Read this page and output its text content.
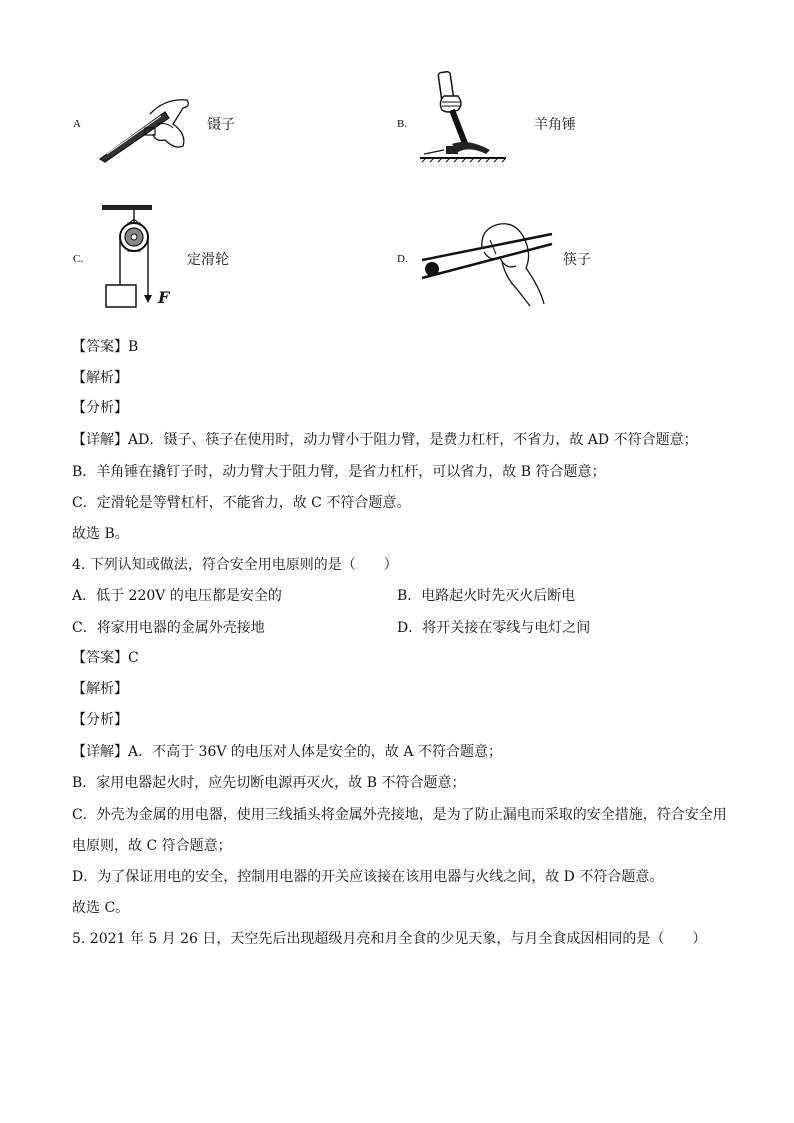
A	镊子	B.	羊角锤
C.
F
定滑轮	D.	筷子
【答案】B
【解析】
【分析】
【详解】AD．镊子、筷子在使用时，动力臂小于阻力臂，是费力杠杆，不省力，故 AD 不符合题意；
B．羊角锤在撬钉子时，动力臂大于阻力臂，是省力杠杆，可以省力，故 B 符合题意；
C．定滑轮是等臂杠杆，不能省力，故 C 不符合题意。
故选 B。
4. 下列认知或做法，符合安全用电原则的是（　　）
A．低于 220V 的电压都是安全的	B．电路起火时先灭火后断电
C．将家用电器的金属外壳接地	D．将开关接在零线与电灯之间
【答案】C
【解析】
【分析】
【详解】A．不高于 36V 的电压对人体是安全的，故 A 不符合题意；
B．家用电器起火时，应先切断电源再灭火，故 B 不符合题意；
C．外壳为金属的用电器，使用三线插头将金属外壳接地，是为了防止漏电而采取的安全措施，符合安全用
电原则，故 C 符合题意；
D．为了保证用电的安全，控制用电器的开关应该接在该用电器与火线之间，故 D 不符合题意。
故选 C。
5. 2021 年 5 月 26 日，天空先后出现超级月亮和月全食的少见天象，与月全食成因相同的是（　　）
